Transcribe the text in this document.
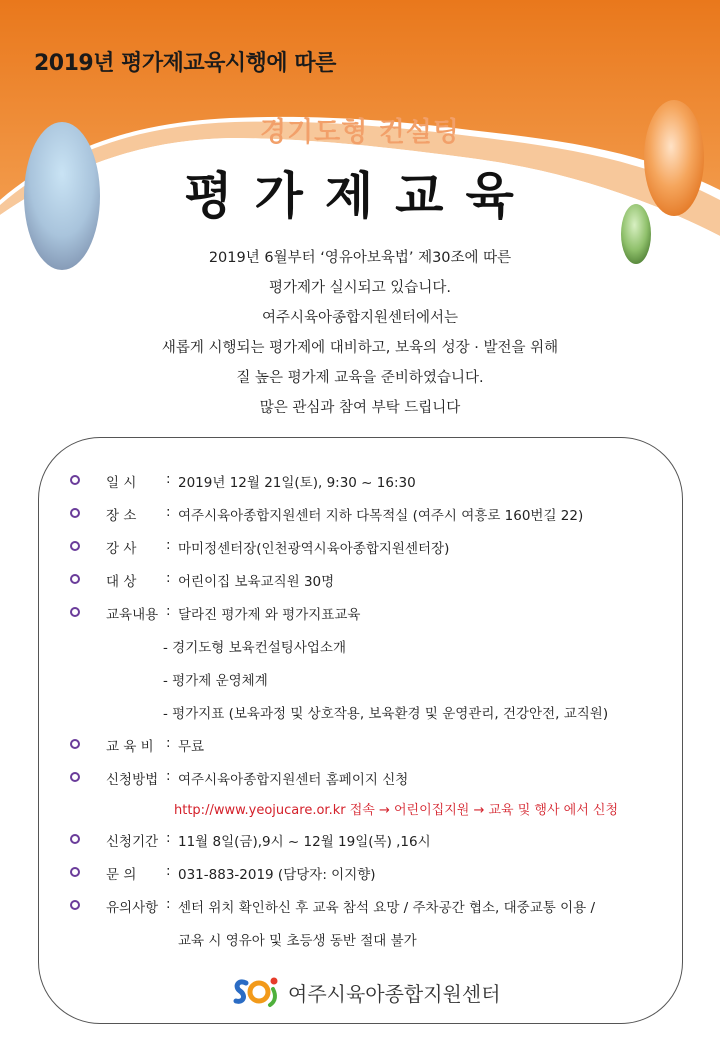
2019년 평가제교육시행에 따른
경기도형 컨설팅
평가제교육
2019년 6월부터 ‘영유아보육법’ 제30조에 따른
평가제가 실시되고 있습니다.
여주시육아종합지원센터에서는
새롭게 시행되는 평가제에 대비하고, 보육의 성장 · 발전을 위해
질 높은 평가제 교육을 준비하였습니다.
많은 관심과 참여 부탁 드립니다
일 시 : 2019년 12월 21일(토), 9:30 ~ 16:30
장 소 : 여주시육아종합지원센터 지하 다목적실 (여주시 여흥로 160번길 22)
강 사 : 마미정센터장(인천광역시육아종합지원센터장)
대 상 : 어린이집 보육교직원 30명
교육내용 : 달라진 평가제 와 평가지표교육
- 경기도형 보육컨설팅사업소개
- 평가제 운영체계
- 평가지표 (보육과정 및 상호작용, 보육환경 및 운영관리, 건강안전, 교직원)
교 육 비 : 무료
신청방법 : 여주시육아종합지원센터 홈페이지 신청
http://www.yeojucare.or.kr 접속 → 어린이집지원 → 교육 및 행사 에서 신청
신청기간 : 11월 8일(금),9시 ~ 12월 19일(목) ,16시
문 의 : 031-883-2019 (담당자: 이지향)
유의사항 : 센터 위치 확인하신 후 교육 참석 요망 / 주차공간 협소, 대중교통 이용 /
교육 시 영유아 및 초등생 동반 절대 불가
여주시육아종합지원센터
